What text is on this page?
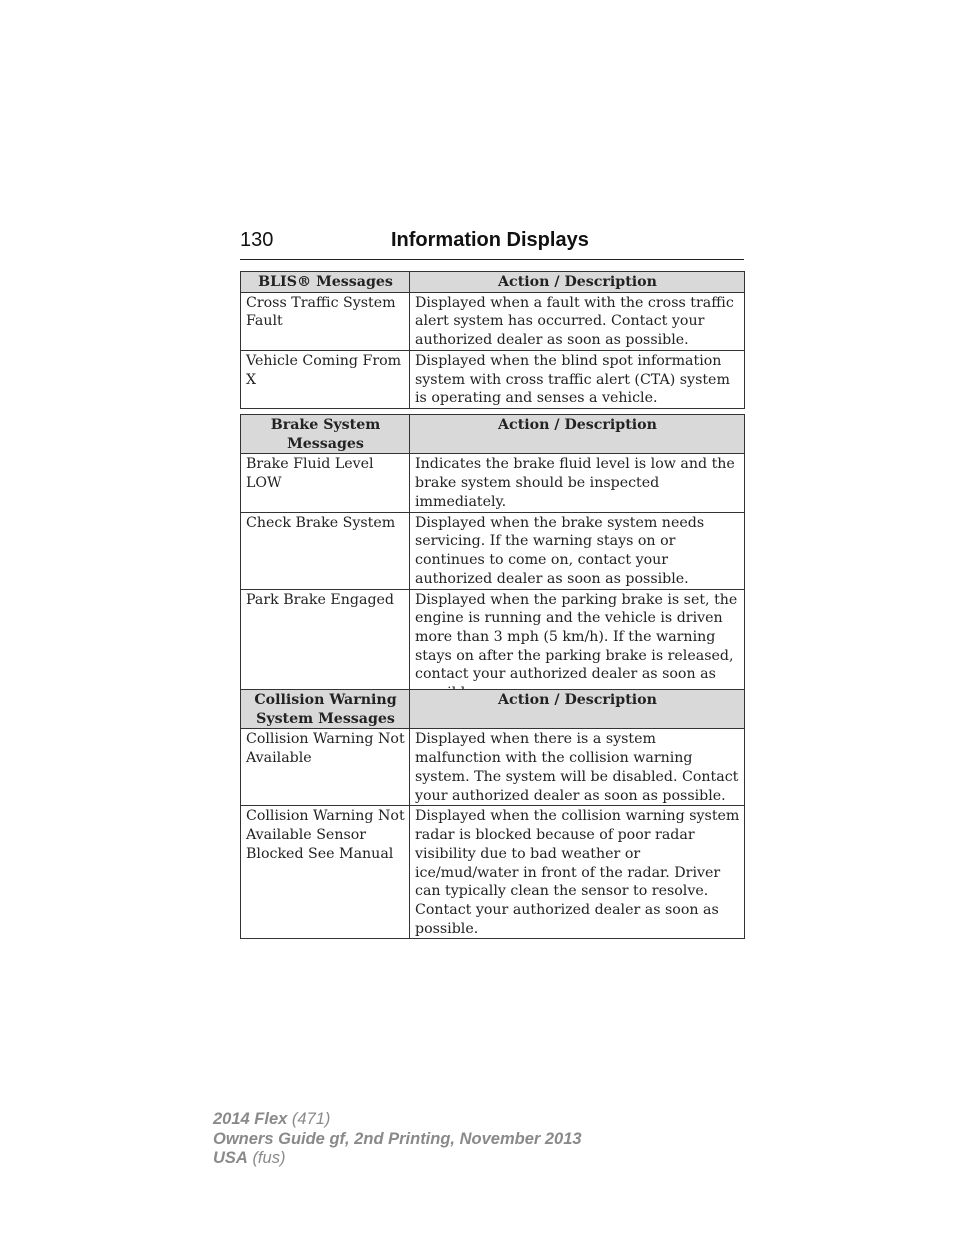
130	Information Displays
BLIS® Messages	Action / Description
Cross Traffic System Fault	Displayed when a fault with the cross traffic alert system has occurred. Contact your authorized dealer as soon as possible.
Vehicle Coming From X	Displayed when the blind spot information system with cross traffic alert (CTA) system is operating and senses a vehicle.
Brake System Messages	Action / Description
Brake Fluid Level LOW	Indicates the brake fluid level is low and the brake system should be inspected immediately.
Check Brake System	Displayed when the brake system needs servicing. If the warning stays on or continues to come on, contact your authorized dealer as soon as possible.
Park Brake Engaged	Displayed when the parking brake is set, the engine is running and the vehicle is driven more than 3 mph (5 km/h). If the warning stays on after the parking brake is released, contact your authorized dealer as soon as
Collision Warning System Messages	Action / Description
Collision Warning Not Available	Displayed when there is a system malfunction with the collision warning system. The system will be disabled. Contact your authorized dealer as soon as possible.
Collision Warning Not Available Sensor Blocked See Manual	Displayed when the collision warning system radar is blocked because of poor radar visibility due to bad weather or ice/mud/water in front of the radar. Driver can typically clean the sensor to resolve. Contact your authorized dealer as soon as possible.
2014 Flex (471)
Owners Guide gf, 2nd Printing, November 2013
USA (fus)
